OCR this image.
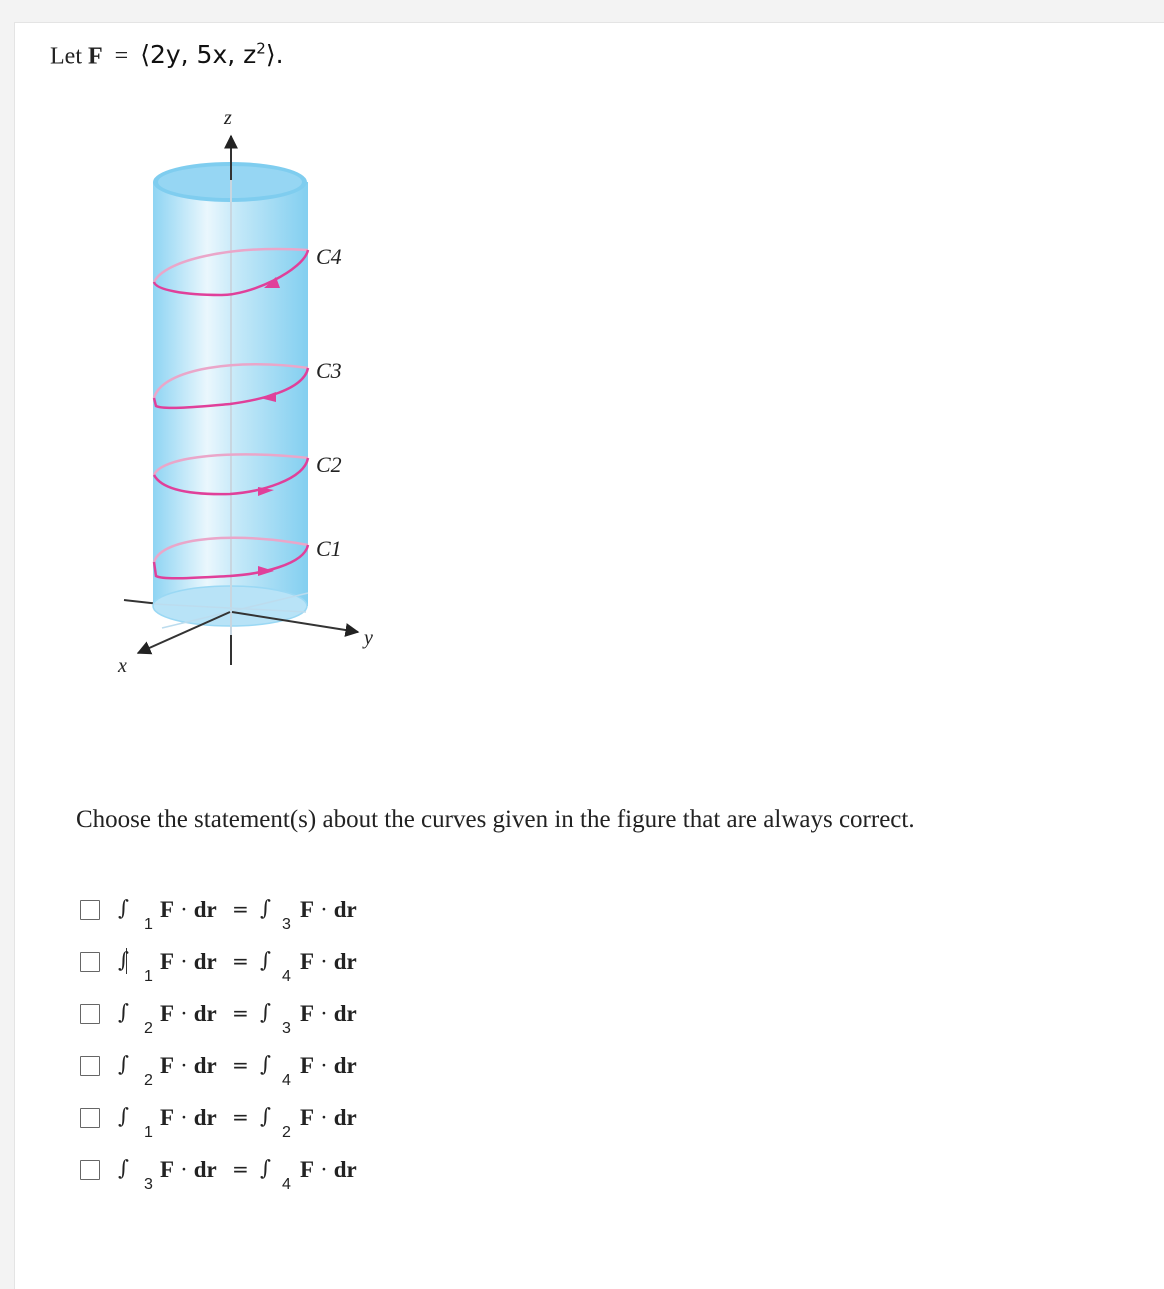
Let F = ⟨2y, 5x, $z^2⟩$.
z
y
x
C4
C3
C2
C1
Choose the statement(s) about the curves given in the figure that are always correct.
∫
1
F · dr = ∫
3
F · dr
∫
1
F · dr = ∫
4
F · dr
∫
2
F · dr = ∫
3
F · dr
∫
2
F · dr = ∫
4
F · dr
∫
1
F · dr = ∫
2
F · dr
∫
3
F · dr = ∫
4
F · dr
